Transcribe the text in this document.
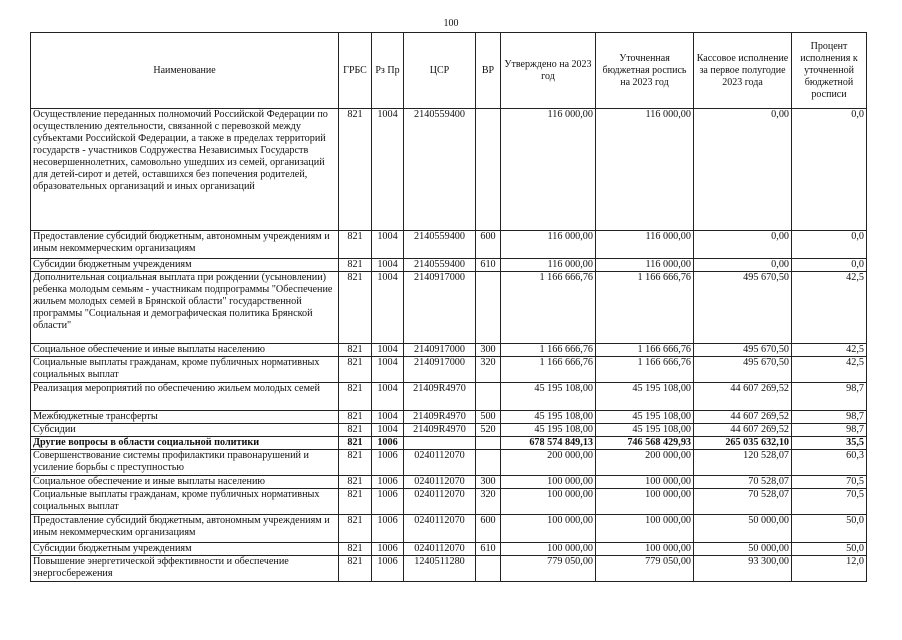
100
Наименование	ГРБС	Рз Пр	ЦСР	ВР	Утверждено на 2023 год	Уточненная бюджетная роспись на 2023 год	Кассовое исполнение за первое полугодие 2023 года	Процент исполнения к уточненной бюджетной росписи
Осуществление переданных полномочий Российской Федерации по осуществлению деятельности, связанной с перевозкой между субъектами Российской Федерации, а также в пределах территорий государств - участников Содружества Независимых Государств несовершеннолетних, самовольно ушедших из семей, организаций для детей-сирот и детей, оставшихся без попечения родителей, образовательных организаций и иных организаций	821	1004	2140559400		116 000,00	116 000,00	0,00	0,0
Предоставление субсидий бюджетным, автономным учреждениям и иным некоммерческим организациям	821	1004	2140559400	600	116 000,00	116 000,00	0,00	0,0
Субсидии бюджетным учреждениям	821	1004	2140559400	610	116 000,00	116 000,00	0,00	0,0
Дополнительная социальная выплата при рождении (усыновлении) ребенка молодым семьям - участникам подпрограммы "Обеспечение жильем молодых семей в Брянской области" государственной программы "Социальная и демографическая политика Брянской области"	821	1004	2140917000		1 166 666,76	1 166 666,76	495 670,50	42,5
Социальное обеспечение и иные выплаты населению	821	1004	2140917000	300	1 166 666,76	1 166 666,76	495 670,50	42,5
Социальные выплаты гражданам, кроме публичных нормативных социальных выплат	821	1004	2140917000	320	1 166 666,76	1 166 666,76	495 670,50	42,5
Реализация мероприятий по обеспечению жильем молодых семей	821	1004	21409R4970		45 195 108,00	45 195 108,00	44 607 269,52	98,7
Межбюджетные трансферты	821	1004	21409R4970	500	45 195 108,00	45 195 108,00	44 607 269,52	98,7
Субсидии	821	1004	21409R4970	520	45 195 108,00	45 195 108,00	44 607 269,52	98,7
Другие вопросы в области социальной политики	821	1006			678 574 849,13	746 568 429,93	265 035 632,10	35,5
Совершенствование системы профилактики правонарушений и усиление борьбы с преступностью	821	1006	0240112070		200 000,00	200 000,00	120 528,07	60,3
Социальное обеспечение и иные выплаты населению	821	1006	0240112070	300	100 000,00	100 000,00	70 528,07	70,5
Социальные выплаты гражданам, кроме публичных нормативных социальных выплат	821	1006	0240112070	320	100 000,00	100 000,00	70 528,07	70,5
Предоставление субсидий бюджетным, автономным учреждениям и иным некоммерческим организациям	821	1006	0240112070	600	100 000,00	100 000,00	50 000,00	50,0
Субсидии бюджетным учреждениям	821	1006	0240112070	610	100 000,00	100 000,00	50 000,00	50,0
Повышение энергетической эффективности и обеспечение энергосбережения	821	1006	1240511280		779 050,00	779 050,00	93 300,00	12,0
